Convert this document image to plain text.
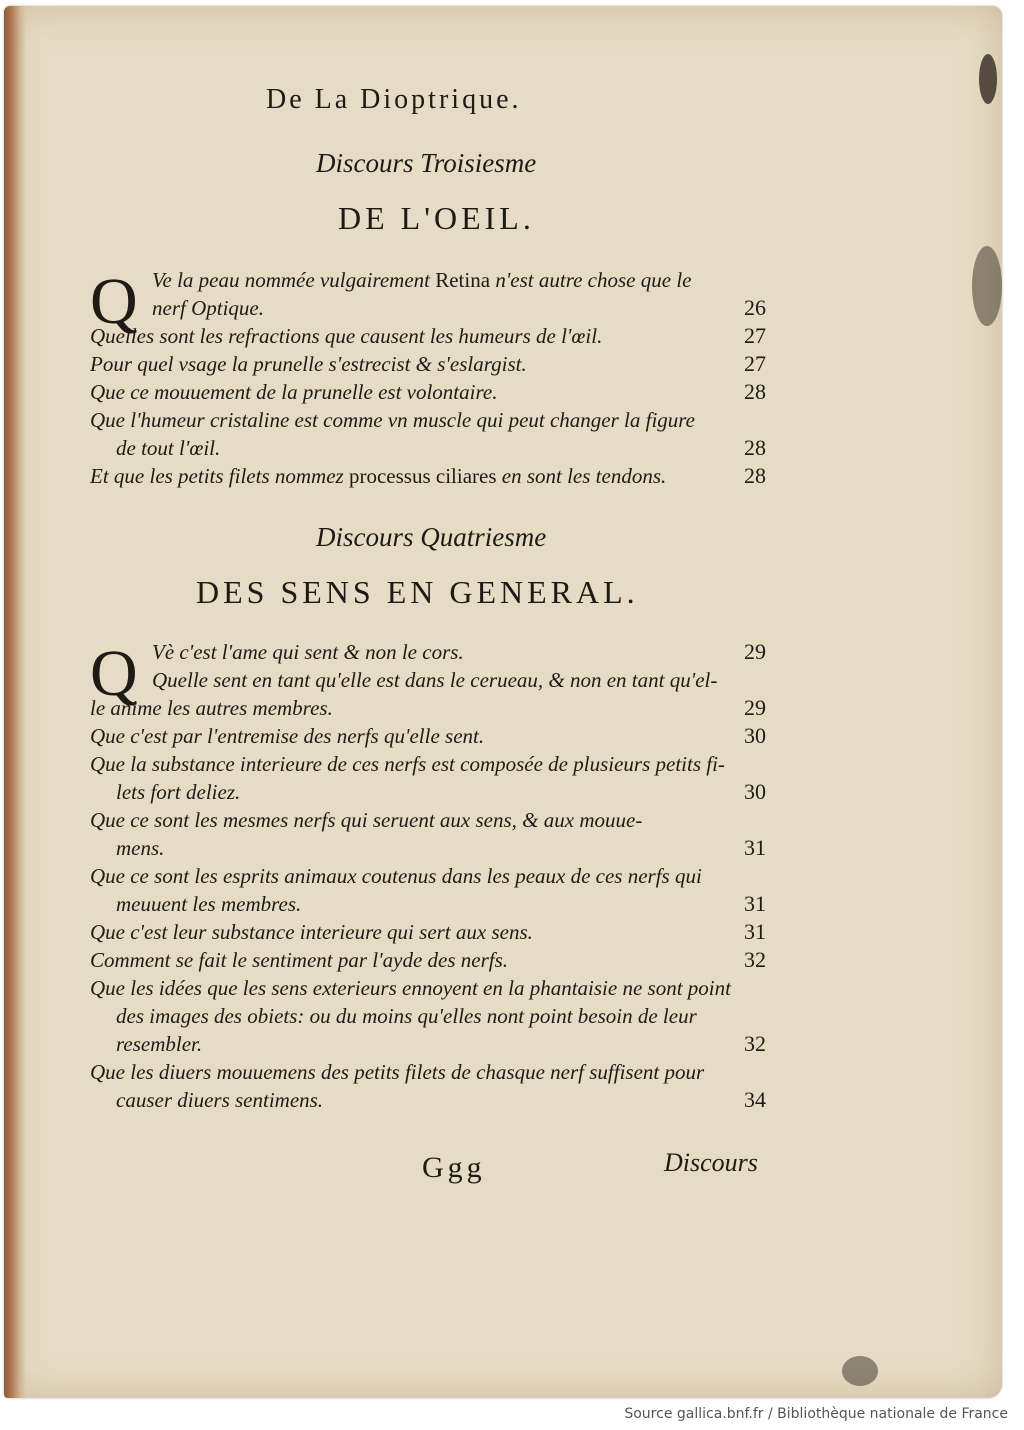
De La Dioptrique.
Discours Troisiesme
DE L'OEIL.
Q Ve la peau nommée vulgairement Retina n'est autre chose que le
nerf Optique.	26
Quelles sont les refractions que causent les humeurs de l'œil.	27
Pour quel vsage la prunelle s'estrecist & s'eslargist.	27
Que ce mouuement de la prunelle est volontaire.	28
Que l'humeur cristaline est comme vn muscle qui peut changer la figure
de tout l'œil.	28
Et que les petits filets nommez processus ciliares en sont les tendons.	28
Discours Quatriesme
DES SENS EN GENERAL.
Q Vè c'est l'ame qui sent & non le cors.	29
Quelle sent en tant qu'elle est dans le cerueau, & non en tant qu'el-
le anime les autres membres.	29
Que c'est par l'entremise des nerfs qu'elle sent.	30
Que la substance interieure de ces nerfs est composée de plusieurs petits fi-
lets fort deliez.	30
Que ce sont les mesmes nerfs qui seruent aux sens, & aux mouue-
mens.	31
Que ce sont les esprits animaux coutenus dans les peaux de ces nerfs qui
meuuent les membres.	31
Que c'est leur substance interieure qui sert aux sens.	31
Comment se fait le sentiment par l'ayde des nerfs.	32
Que les idées que les sens exterieurs ennoyent en la phantaisie ne sont point
des images des obiets: ou du moins qu'elles nont point besoin de leur
resembler.	32
Que les diuers mouuemens des petits filets de chasque nerf suffisent pour
causer diuers sentimens.	34
Ggg	Discours
Source gallica.bnf.fr / Bibliothèque nationale de France
